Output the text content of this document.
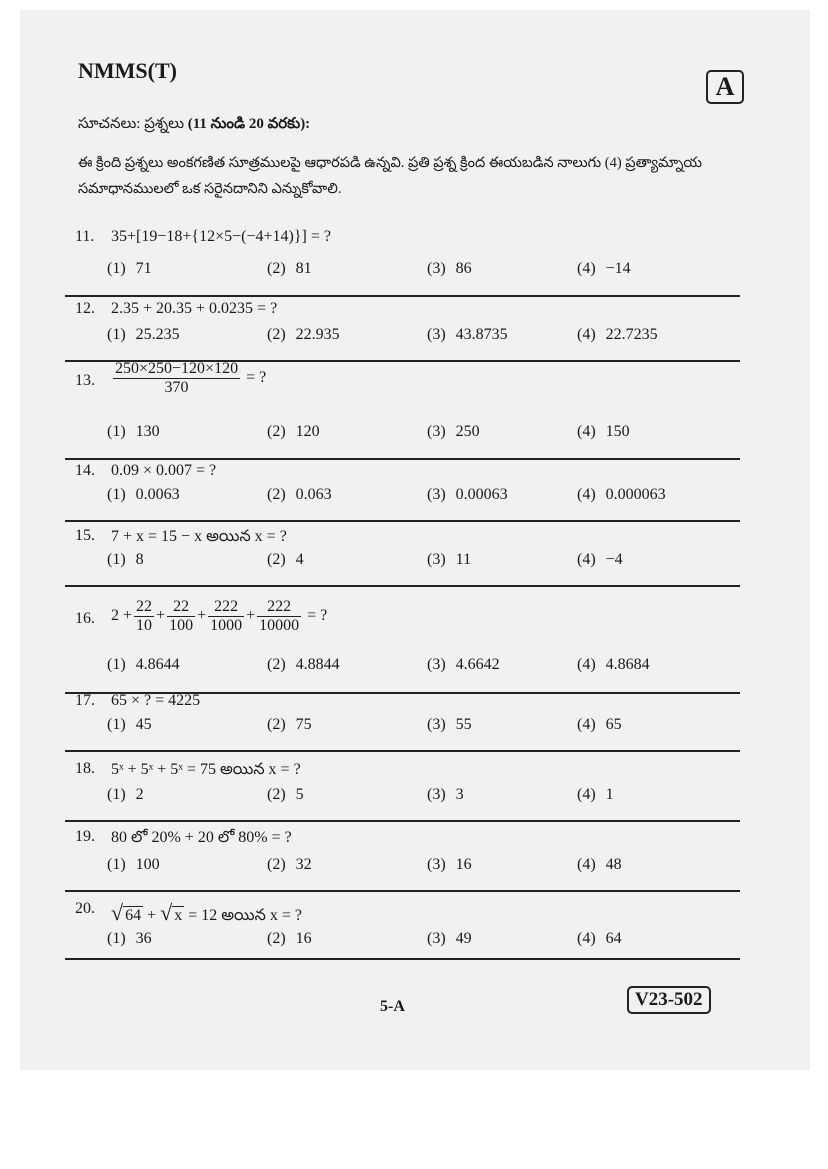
NMMS(T)
A
సూచనలు: ప్రశ్నలు (11 నుండి 20 వరకు):
ఈ క్రింది ప్రశ్నలు అంకగణిత సూత్రములపై ఆధారపడి ఉన్నవి. ప్రతి ప్రశ్న క్రింద ఈయబడిన నాలుగు (4) ప్రత్యామ్నాయ సమాధానములలో ఒక సరైనదానిని ఎన్నుకోవాలి.
11. 35+[19−18+{12×5−(−4+14)}] = ?
(1) 71	(2) 81	(3) 86	(4) −14
12. 2.35 + 20.35 + 0.0235 = ?
(1) 25.235	(2) 22.935	(3) 43.8735	(4) 22.7235
13. $\frac{250\times 250-120\times 120}{370}$ = ?
(1) 130	(2) 120	(3) 250	(4) 150
14. 0.09 × 0.007 = ?
(1) 0.0063	(2) 0.063	(3) 0.00063	(4) 0.000063
15. 7 + x = 15 − x అయిన x = ?
(1) 8	(2) 4	(3) 11	(4) −4
16. $2 + \frac{22}{10} + \frac{22}{100} + \frac{222}{1000} + \frac{222}{10000}$ = ?
(1) 4.8644	(2) 4.8844	(3) 4.6642	(4) 4.8684
17. 65 × ? = 4225
(1) 45	(2) 75	(3) 55	(4) 65
18. 5ˣ + 5ˣ + 5ˣ = 75 అయిన x = ?
(1) 2	(2) 5	(3) 3	(4) 1
19. 80 లో 20% + 20 లో 80% = ?
(1) 100	(2) 32	(3) 16	(4) 48
20. √ 64 + √ x = 12 అయిన x = ?
(1) 36	(2) 16	(3) 49	(4) 64
5-A	V23-502
